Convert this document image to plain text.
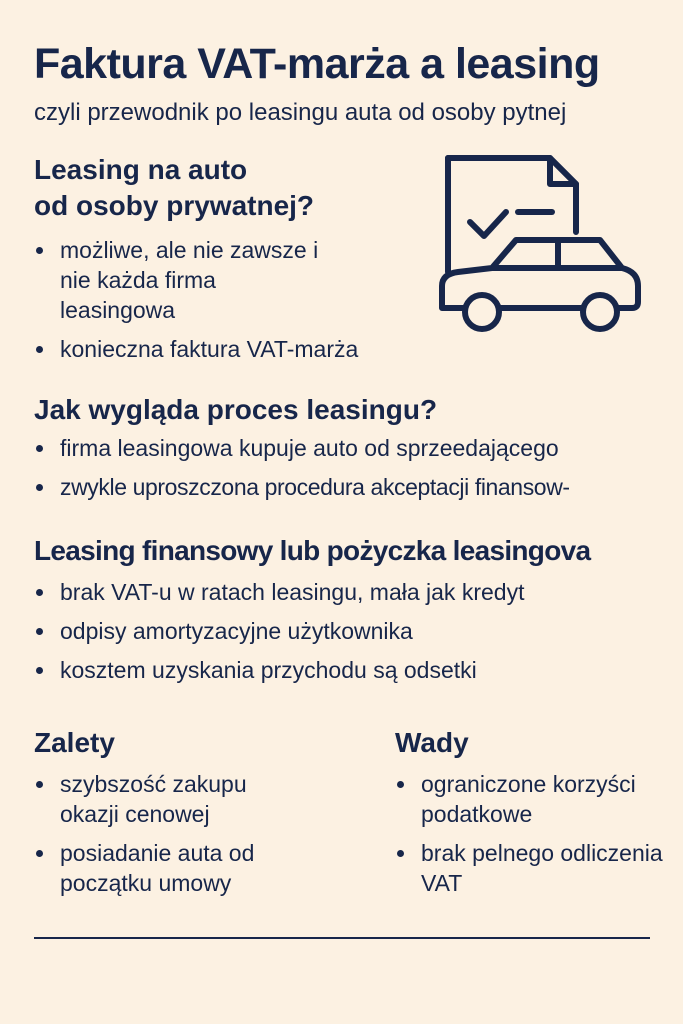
Faktura VAT-marża a leasing

czyli przewodnik po leasingu auta od osoby pytnej

Leasing na auto
od osoby prywatnej?
możliwe, ale nie zawsze i nie każda firma leasingowa
konieczna faktura VAT-marża
Jak wygląda proces leasingu?
firma leasingowa kupuje auto od sprzeedającego
zwykle uproszczona procedura akceptacji finansow-
Leasing finansowy lub pożyczka leasingova
brak VAT-u w ratach leasingu, mała jak kredyt
odpisy amortyzacyjne użytkownika
kosztem uzyskania przychodu są odsetki
Zalety
szybszość zakupu okazji cenowej
posiadanie auta od początku umowy
Wady
ograniczone korzyści podatkowe
brak pelnego odliczenia VAT
